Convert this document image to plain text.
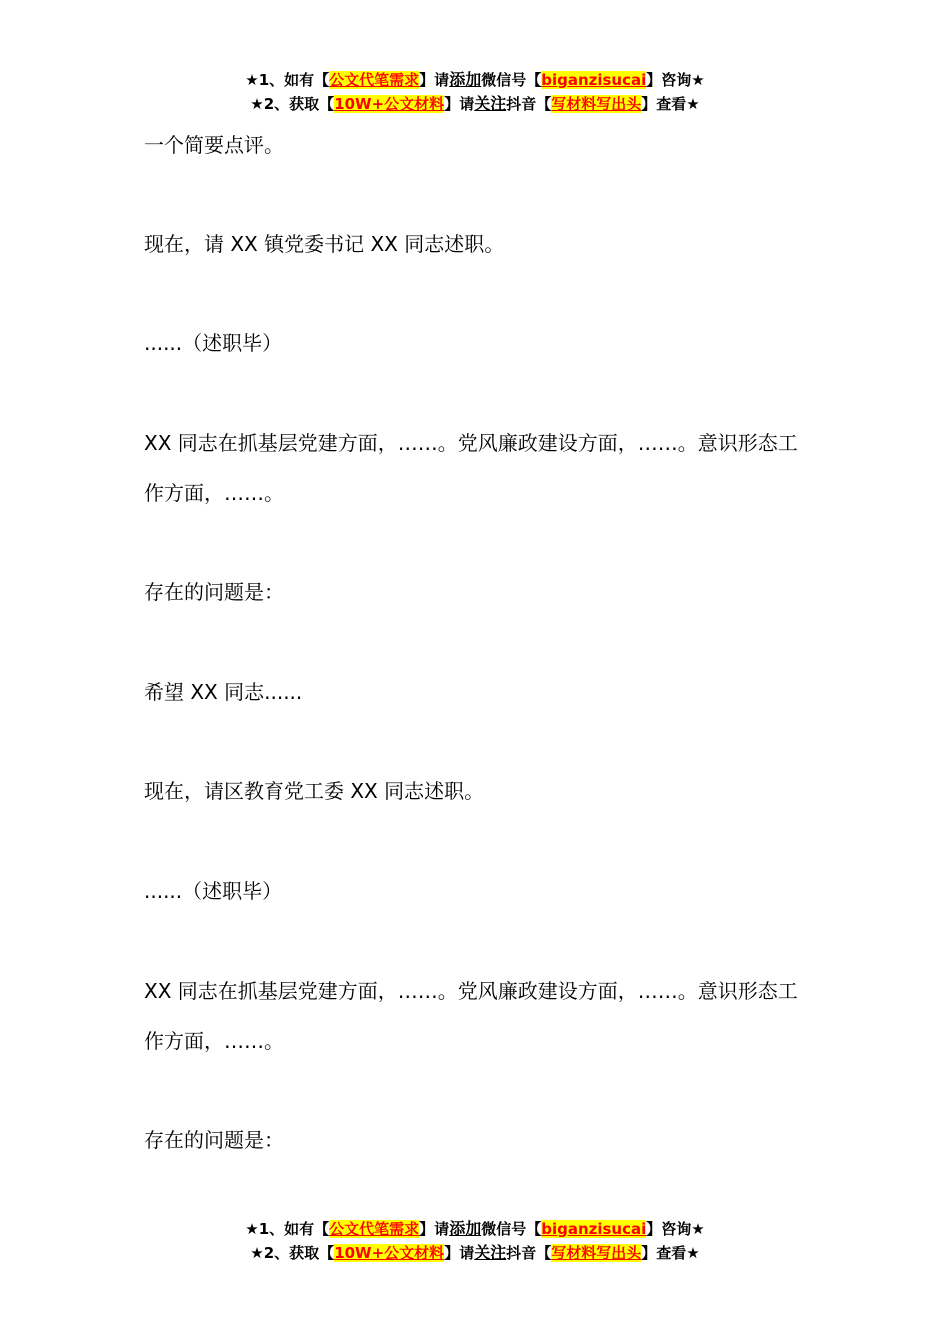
★1、如有【公文代笔需求】请添加微信号【biganzisucai】咨询★
★2、获取【10W+公文材料】请关注抖音【写材料写出头】查看★
一个简要点评。
现在，请 XX 镇党委书记 XX 同志述职。
......（述职毕）
XX 同志在抓基层党建方面，……。党风廉政建设方面，……。意识形态工作方面，……。
存在的问题是：
希望 XX 同志......
现在，请区教育党工委 XX 同志述职。
......（述职毕）
XX 同志在抓基层党建方面，……。党风廉政建设方面，……。意识形态工作方面，……。
存在的问题是：
★1、如有【公文代笔需求】请添加微信号【biganzisucai】咨询★
★2、获取【10W+公文材料】请关注抖音【写材料写出头】查看★
